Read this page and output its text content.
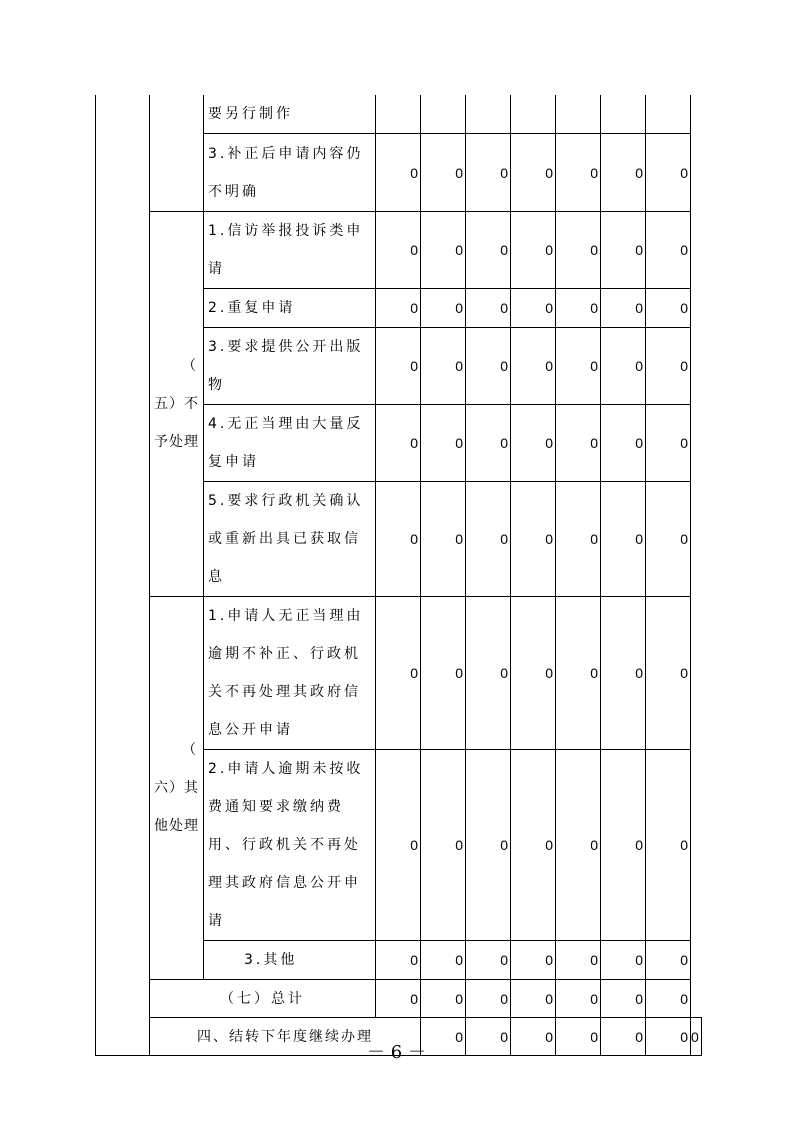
		要另行制作								
		3.补正后申请内容仍不明确	0	0	0	0	0	0	0	

	（
五）不予处理	1.信访举报投诉类申请	0	0	0	0	0	0	0	
		2.重复申请	0	0	0	0	0	0	0	
		3.要求提供公开出版物	0	0	0	0	0	0	0	
		4.无正当理由大量反复申请	0	0	0	0	0	0	0	
		5.要求行政机关确认或重新出具已获取信息	0	0	0	0	0	0	0	

	（
六）其他处理	1.申请人无正当理由逾期不补正、行政机关不再处理其政府信息公开申请	0	0	0	0	0	0	0	
		2.申请人逾期未按收费通知要求缴纳费用、行政机关不再处理其政府信息公开申请	0	0	0	0	0	0	0	
		3.其他	0	0	0	0	0	0	0	
	（七）总计		0	0	0	0	0	0	0	
	四、结转下年度继续办理			0	0	0	0	0	0	0
－ 6 －
